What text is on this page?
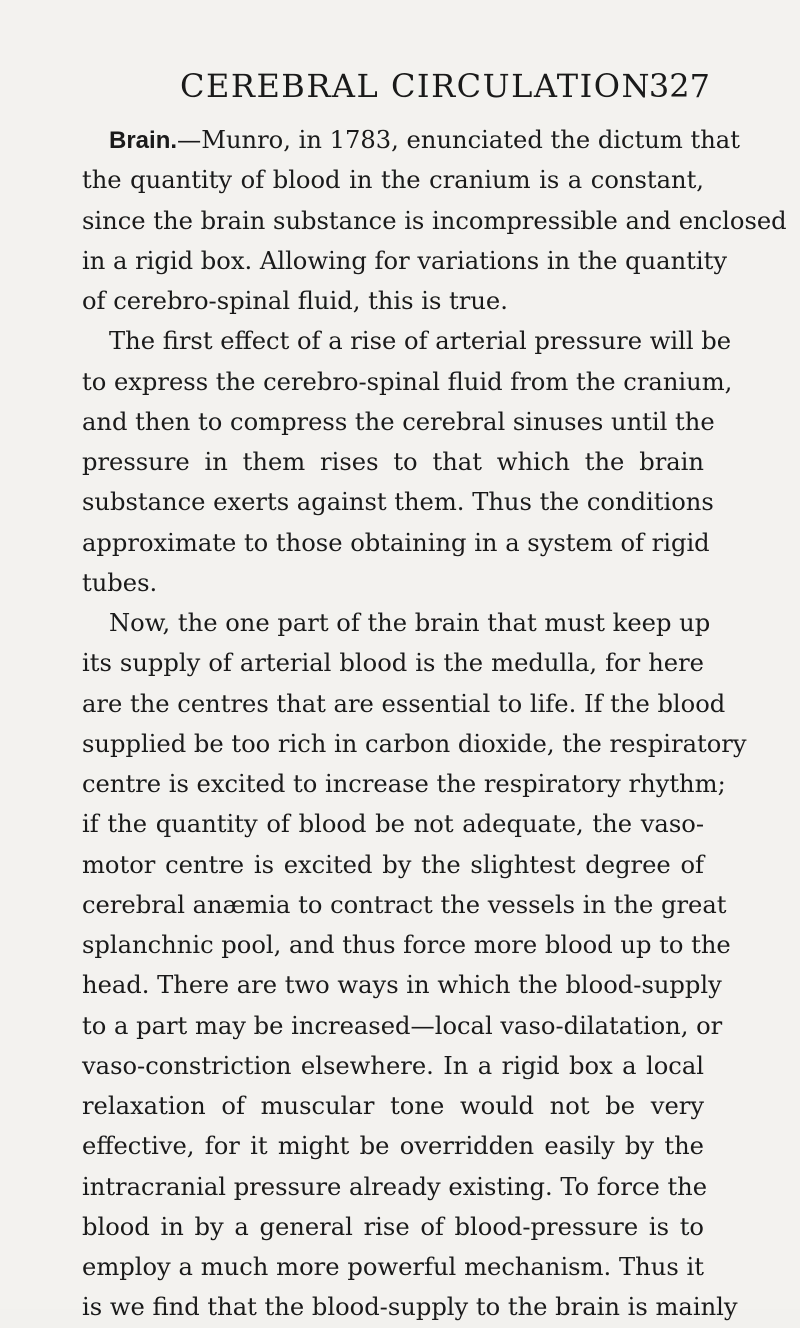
CEREBRAL CIRCULATION
327
Brain.—Munro, in 1783, enunciated the dictum that
the quantity of blood in the cranium is a constant,
since the brain substance is incompressible and enclosed
in a rigid box. Allowing for variations in the quantity
of cerebro-spinal fluid, this is true.
The first effect of a rise of arterial pressure will be
to express the cerebro-spinal fluid from the cranium,
and then to compress the cerebral sinuses until the
pressure in them rises to that which the brain
substance exerts against them. Thus the conditions
approximate to those obtaining in a system of rigid
tubes.
Now, the one part of the brain that must keep up
its supply of arterial blood is the medulla, for here
are the centres that are essential to life. If the blood
supplied be too rich in carbon dioxide, the respiratory
centre is excited to increase the respiratory rhythm;
if the quantity of blood be not adequate, the vaso-
motor centre is excited by the slightest degree of
cerebral anæmia to contract the vessels in the great
splanchnic pool, and thus force more blood up to the
head. There are two ways in which the blood-supply
to a part may be increased—local vaso-dilatation, or
vaso-constriction elsewhere. In a rigid box a local
relaxation of muscular tone would not be very
effective, for it might be overridden easily by the
intracranial pressure already existing. To force the
blood in by a general rise of blood-pressure is to
employ a much more powerful mechanism. Thus it
is we find that the blood-supply to the brain is mainly
